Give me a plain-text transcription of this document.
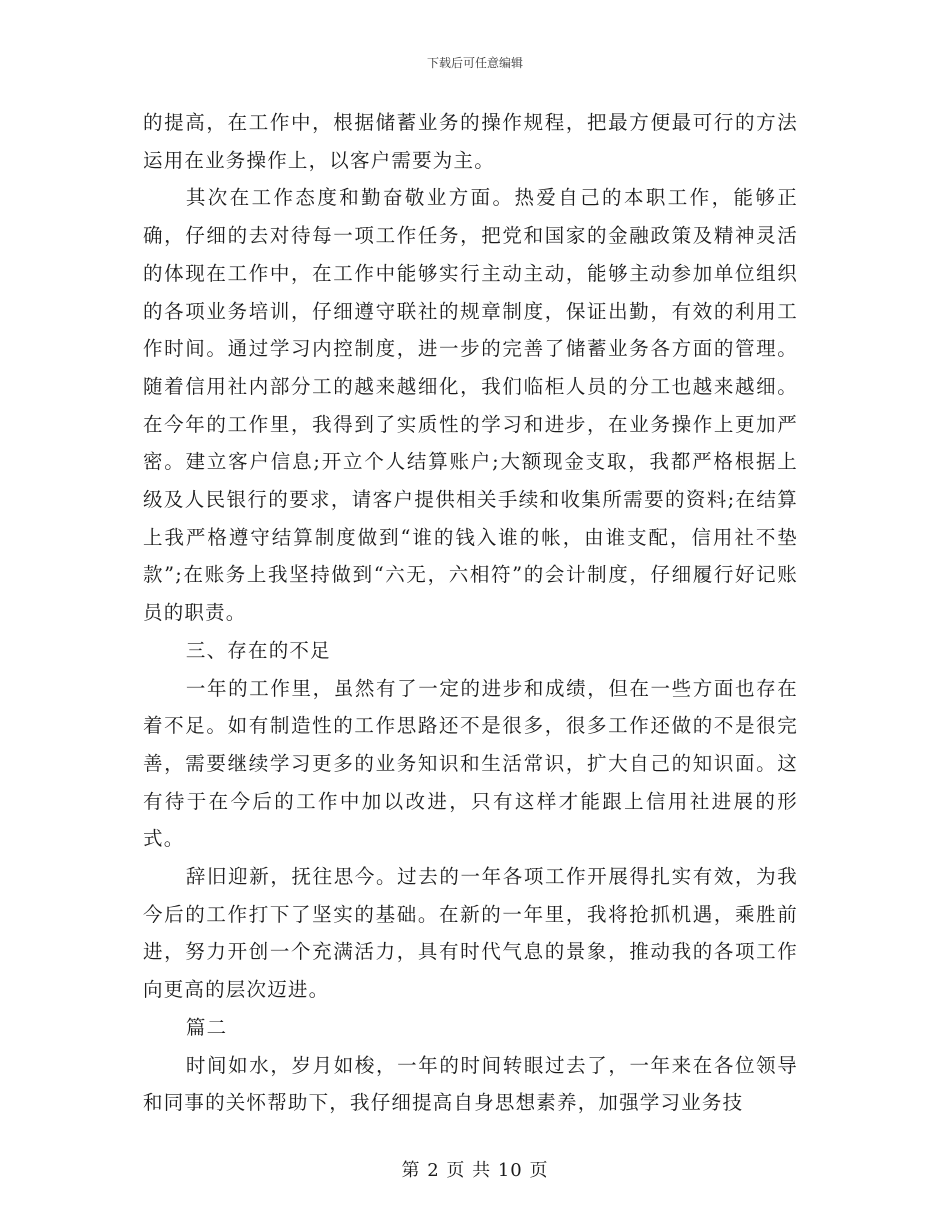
下载后可任意编辑

的提高，在工作中，根据储蓄业务的操作规程，把最方便最可行的方法运用在业务操作上，以客户需要为主。

其次在工作态度和勤奋敬业方面。热爱自己的本职工作，能够正确，仔细的去对待每一项工作任务，把党和国家的金融政策及精神灵活的体现在工作中，在工作中能够实行主动主动，能够主动参加单位组织的各项业务培训，仔细遵守联社的规章制度，保证出勤，有效的利用工作时间。通过学习内控制度，进一步的完善了储蓄业务各方面的管理。随着信用社内部分工的越来越细化，我们临柜人员的分工也越来越细。在今年的工作里，我得到了实质性的学习和进步，在业务操作上更加严密。建立客户信息;开立个人结算账户;大额现金支取，我都严格根据上级及人民银行的要求，请客户提供相关手续和收集所需要的资料;在结算上我严格遵守结算制度做到“谁的钱入谁的帐，由谁支配，信用社不垫款”;在账务上我坚持做到“六无，六相符”的会计制度，仔细履行好记账员的职责。

三、存在的不足

一年的工作里，虽然有了一定的进步和成绩，但在一些方面也存在着不足。如有制造性的工作思路还不是很多，很多工作还做的不是很完善，需要继续学习更多的业务知识和生活常识，扩大自己的知识面。这有待于在今后的工作中加以改进，只有这样才能跟上信用社进展的形式。

辞旧迎新，抚往思今。过去的一年各项工作开展得扎实有效，为我今后的工作打下了坚实的基础。在新的一年里，我将抢抓机遇，乘胜前进，努力开创一个充满活力，具有时代气息的景象，推动我的各项工作向更高的层次迈进。

篇二

时间如水，岁月如梭，一年的时间转眼过去了，一年来在各位领导和同事的关怀帮助下，我仔细提高自身思想素养，加强学习业务技

第 2 页 共 10 页
